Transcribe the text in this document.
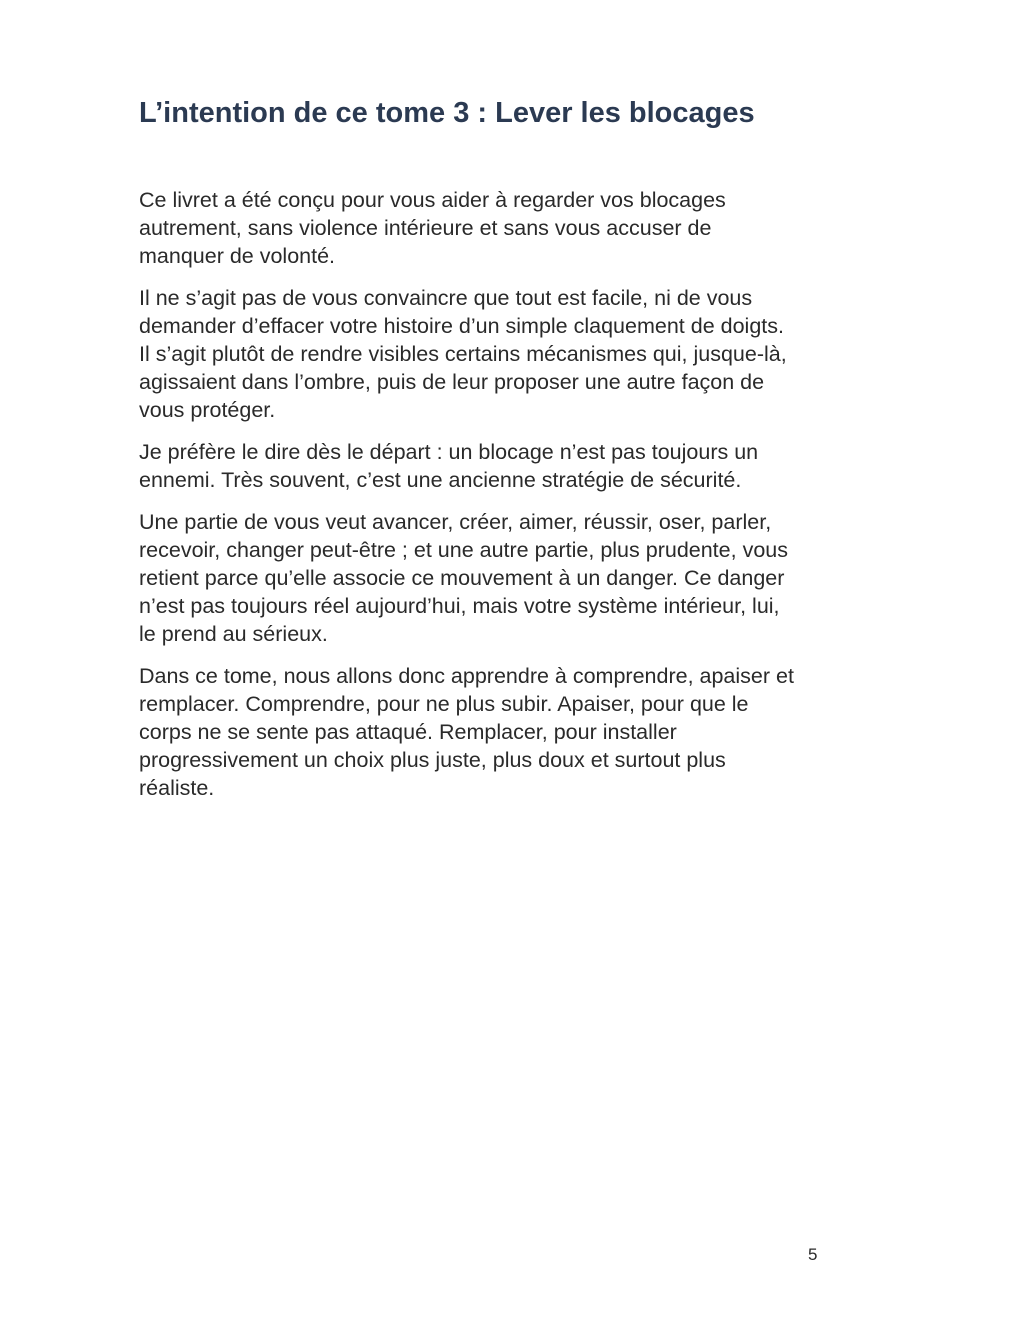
L’intention de ce tome 3 : Lever les blocages

Ce livret a été conçu pour vous aider à regarder vos blocages
autrement, sans violence intérieure et sans vous accuser de
manquer de volonté.

Il ne s’agit pas de vous convaincre que tout est facile, ni de vous
demander d’effacer votre histoire d’un simple claquement de doigts.
Il s’agit plutôt de rendre visibles certains mécanismes qui, jusque-là,
agissaient dans l’ombre, puis de leur proposer une autre façon de
vous protéger.

Je préfère le dire dès le départ : un blocage n’est pas toujours un
ennemi. Très souvent, c’est une ancienne stratégie de sécurité.

Une partie de vous veut avancer, créer, aimer, réussir, oser, parler,
recevoir, changer peut-être ; et une autre partie, plus prudente, vous
retient parce qu’elle associe ce mouvement à un danger. Ce danger
n’est pas toujours réel aujourd’hui, mais votre système intérieur, lui,
le prend au sérieux.

Dans ce tome, nous allons donc apprendre à comprendre, apaiser et
remplacer. Comprendre, pour ne plus subir. Apaiser, pour que le
corps ne se sente pas attaqué. Remplacer, pour installer
progressivement un choix plus juste, plus doux et surtout plus
réaliste.

5
